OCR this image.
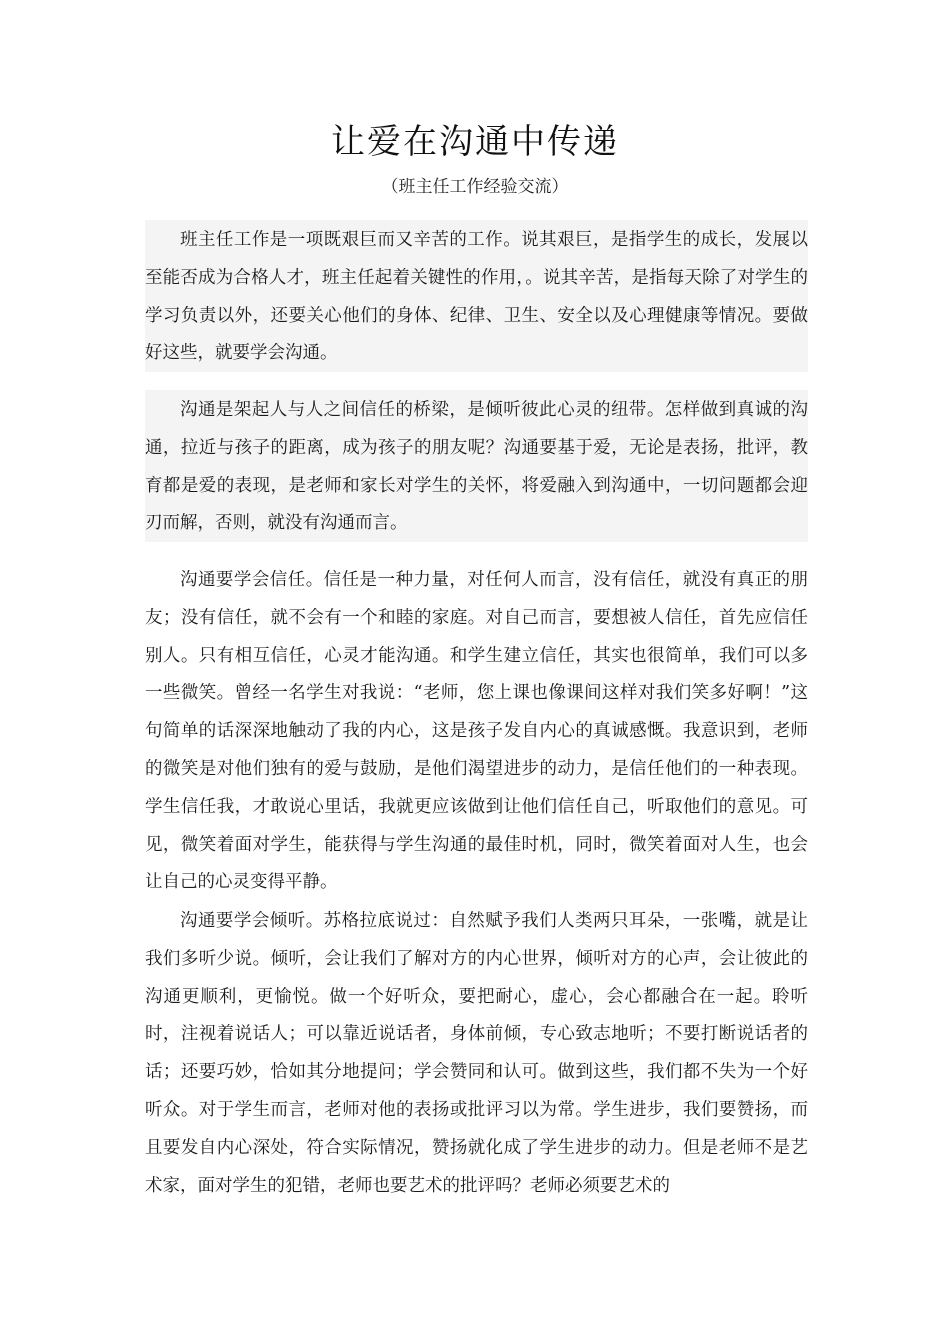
让爱在沟通中传递
（班主任工作经验交流）

班主任工作是一项既艰巨而又辛苦的工作。说其艰巨，是指学生的成长，发展以至能否成为合格人才，班主任起着关键性的作用，。说其辛苦，是指每天除了对学生的学习负责以外，还要关心他们的身体、纪律、卫生、安全以及心理健康等情况。要做好这些，就要学会沟通。

沟通是架起人与人之间信任的桥梁，是倾听彼此心灵的纽带。怎样做到真诚的沟通，拉近与孩子的距离，成为孩子的朋友呢？沟通要基于爱，无论是表扬，批评，教育都是爱的表现，是老师和家长对学生的关怀，将爱融入到沟通中，一切问题都会迎刃而解，否则，就没有沟通而言。

沟通要学会信任。信任是一种力量，对任何人而言，没有信任，就没有真正的朋友；没有信任，就不会有一个和睦的家庭。对自己而言，要想被人信任，首先应信任别人。只有相互信任，心灵才能沟通。和学生建立信任，其实也很简单，我们可以多一些微笑。曾经一名学生对我说：“老师，您上课也像课间这样对我们笑多好啊！”这句简单的话深深地触动了我的内心，这是孩子发自内心的真诚感慨。我意识到，老师的微笑是对他们独有的爱与鼓励，是他们渴望进步的动力，是信任他们的一种表现。学生信任我，才敢说心里话，我就更应该做到让他们信任自己，听取他们的意见。可见，微笑着面对学生，能获得与学生沟通的最佳时机，同时，微笑着面对人生，也会让自己的心灵变得平静。

沟通要学会倾听。苏格拉底说过：自然赋予我们人类两只耳朵，一张嘴，就是让我们多听少说。倾听，会让我们了解对方的内心世界，倾听对方的心声，会让彼此的沟通更顺利，更愉悦。做一个好听众，要把耐心，虚心，会心都融合在一起。聆听时，注视着说话人；可以靠近说话者，身体前倾，专心致志地听；不要打断说话者的话；还要巧妙，恰如其分地提问；学会赞同和认可。做到这些，我们都不失为一个好听众。对于学生而言，老师对他的表扬或批评习以为常。学生进步，我们要赞扬，而且要发自内心深处，符合实际情况，赞扬就化成了学生进步的动力。但是老师不是艺术家，面对学生的犯错，老师也要艺术的批评吗？老师必须要艺术的
